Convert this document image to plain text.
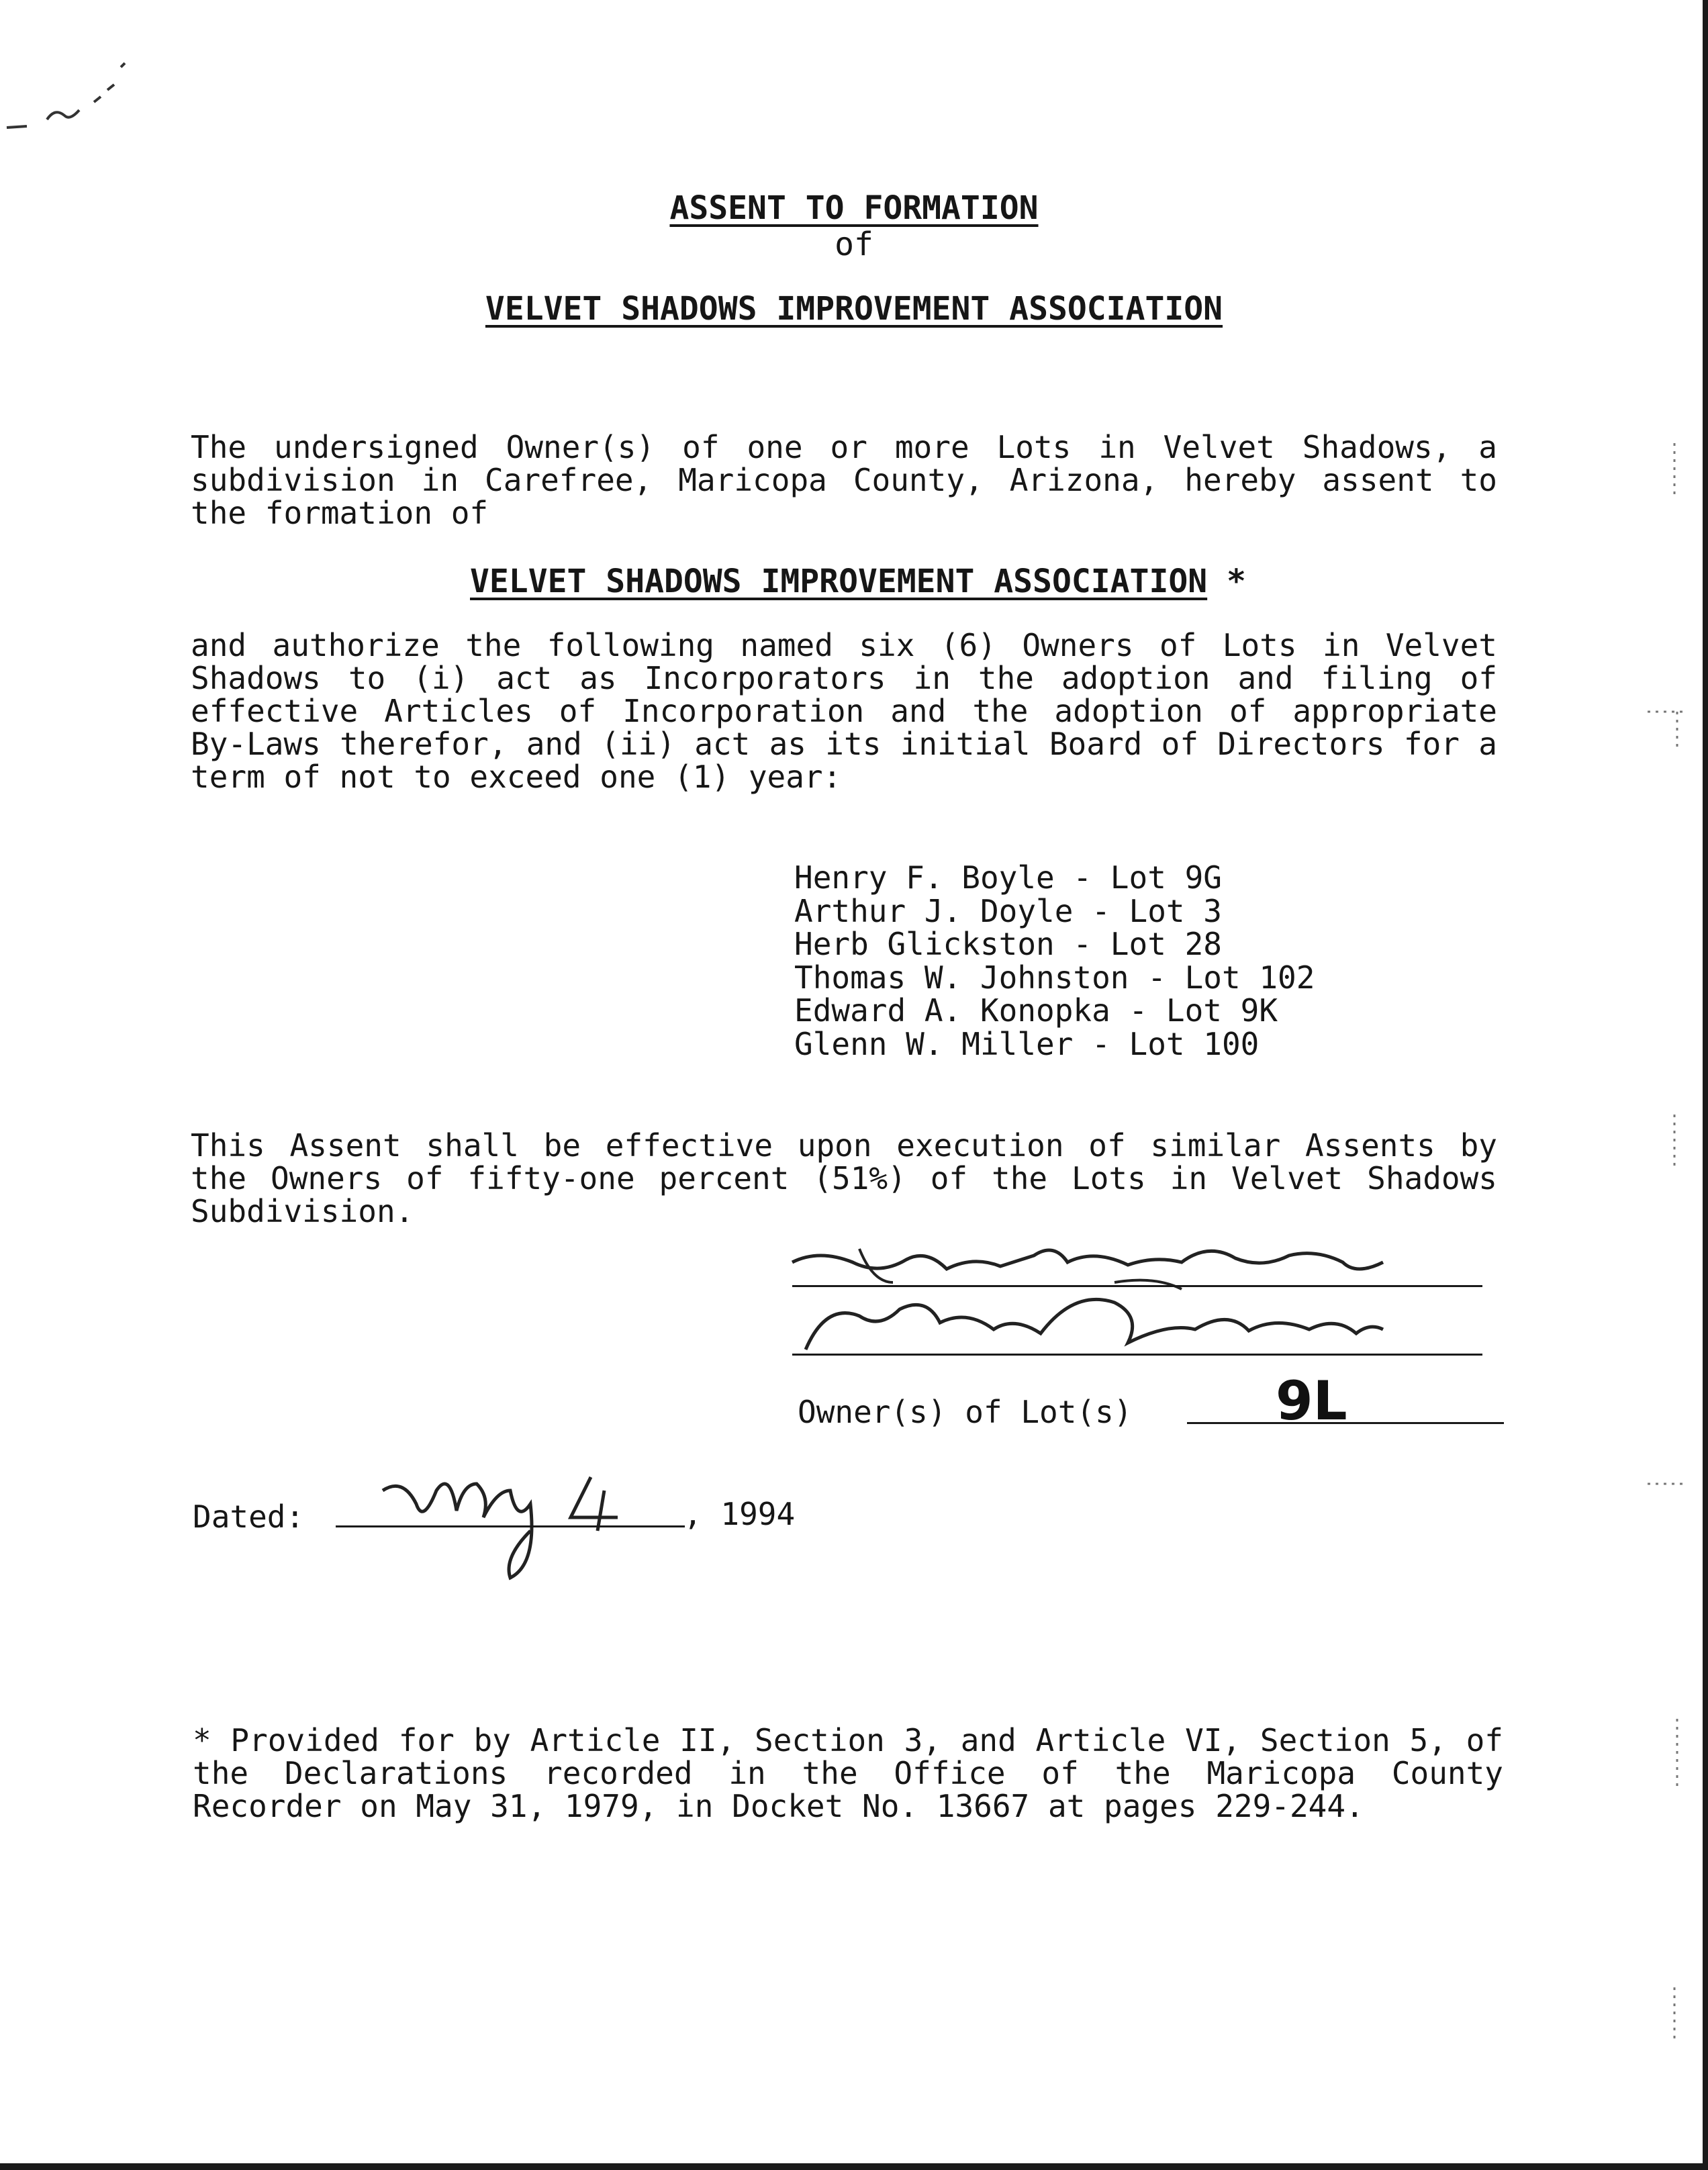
ASSENT TO FORMATION
of
VELVET SHADOWS IMPROVEMENT ASSOCIATION

The undersigned Owner(s) of one or more Lots in Velvet Shadows, a subdivision in Carefree, Maricopa County, Arizona, hereby assent to the formation of

VELVET SHADOWS IMPROVEMENT ASSOCIATION *

and authorize the following named six (6) Owners of Lots in Velvet Shadows to (i) act as Incorporators in the adoption and filing of effective Articles of Incorporation and the adoption of appropriate By-Laws therefor, and (ii) act as its initial Board of Directors for a term of not to exceed one (1) year:

Henry F. Boyle - Lot 9G
Arthur J. Doyle - Lot 3
Herb Glickston - Lot 28
Thomas W. Johnston - Lot 102
Edward A. Konopka - Lot 9K
Glenn W. Miller - Lot 100

This Assent shall be effective upon execution of similar Assents by the Owners of fifty-one percent (51%) of the Lots in Velvet Shadows Subdivision.

Owner(s) of Lot(s)	9L
Dated:	, 1994

* Provided for by Article II, Section 3, and Article VI, Section 5, of the Declarations recorded in the Office of the Maricopa County Recorder on May 31, 1979, in Docket No. 13667 at pages 229-244.
